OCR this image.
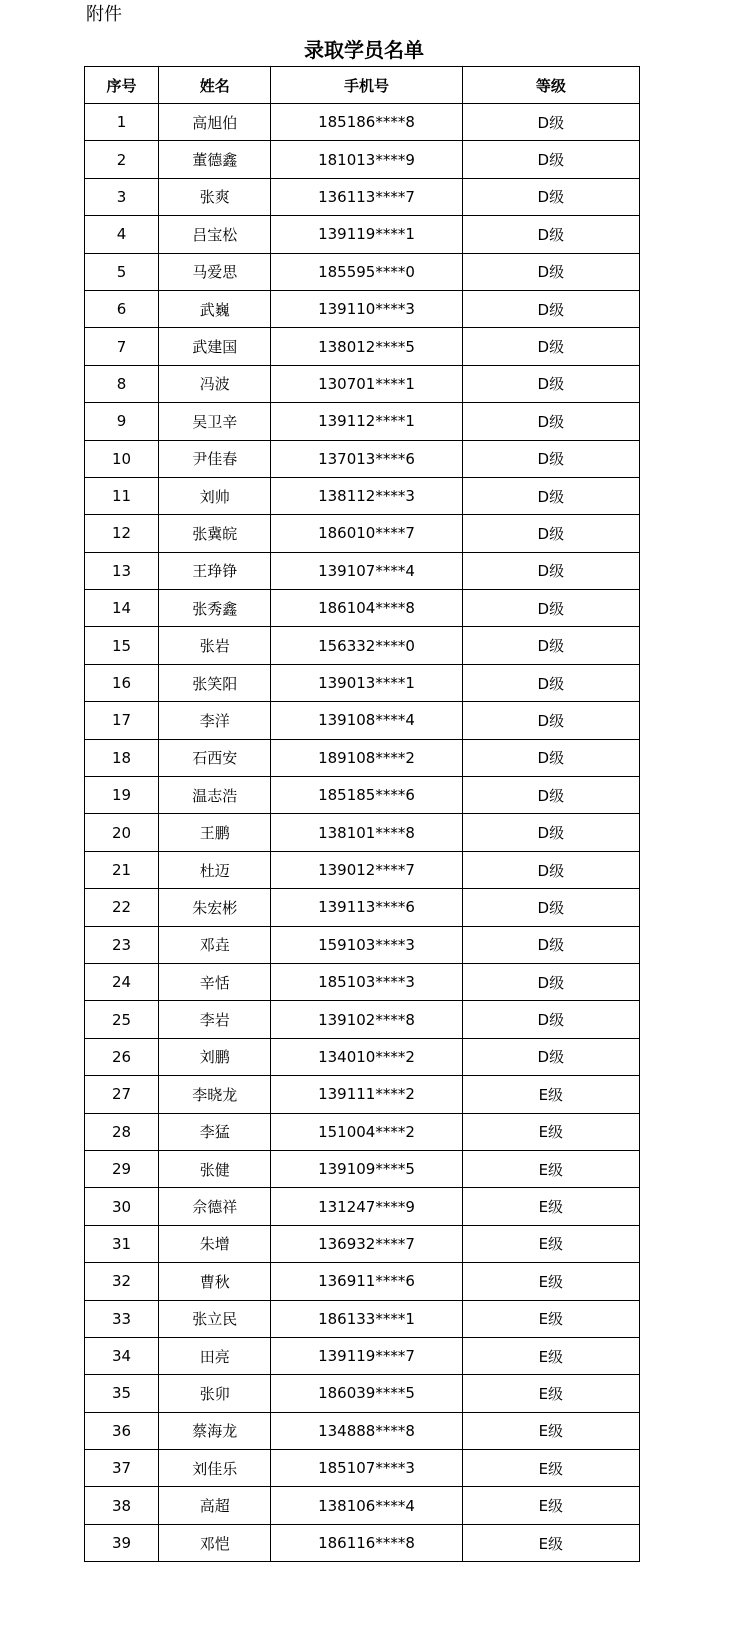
附件
录取学员名单
序号	姓名	手机号	等级
1	高旭伯	185186****8	D级
2	董德鑫	181013****9	D级
3	张爽	136113****7	D级
4	吕宝松	139119****1	D级
5	马爱思	185595****0	D级
6	武巍	139110****3	D级
7	武建国	138012****5	D级
8	冯波	130701****1	D级
9	吴卫辛	139112****1	D级
10	尹佳春	137013****6	D级
11	刘帅	138112****3	D级
12	张冀皖	186010****7	D级
13	王琤铮	139107****4	D级
14	张秀鑫	186104****8	D级
15	张岩	156332****0	D级
16	张笑阳	139013****1	D级
17	李洋	139108****4	D级
18	石西安	189108****2	D级
19	温志浩	185185****6	D级
20	王鹏	138101****8	D级
21	杜迈	139012****7	D级
22	朱宏彬	139113****6	D级
23	邓垚	159103****3	D级
24	辛恬	185103****3	D级
25	李岩	139102****8	D级
26	刘鹏	134010****2	D级
27	李晓龙	139111****2	E级
28	李猛	151004****2	E级
29	张健	139109****5	E级
30	佘德祥	131247****9	E级
31	朱增	136932****7	E级
32	曹秋	136911****6	E级
33	张立民	186133****1	E级
34	田亮	139119****7	E级
35	张卯	186039****5	E级
36	蔡海龙	134888****8	E级
37	刘佳乐	185107****3	E级
38	高超	138106****4	E级
39	邓恺	186116****8	E级
